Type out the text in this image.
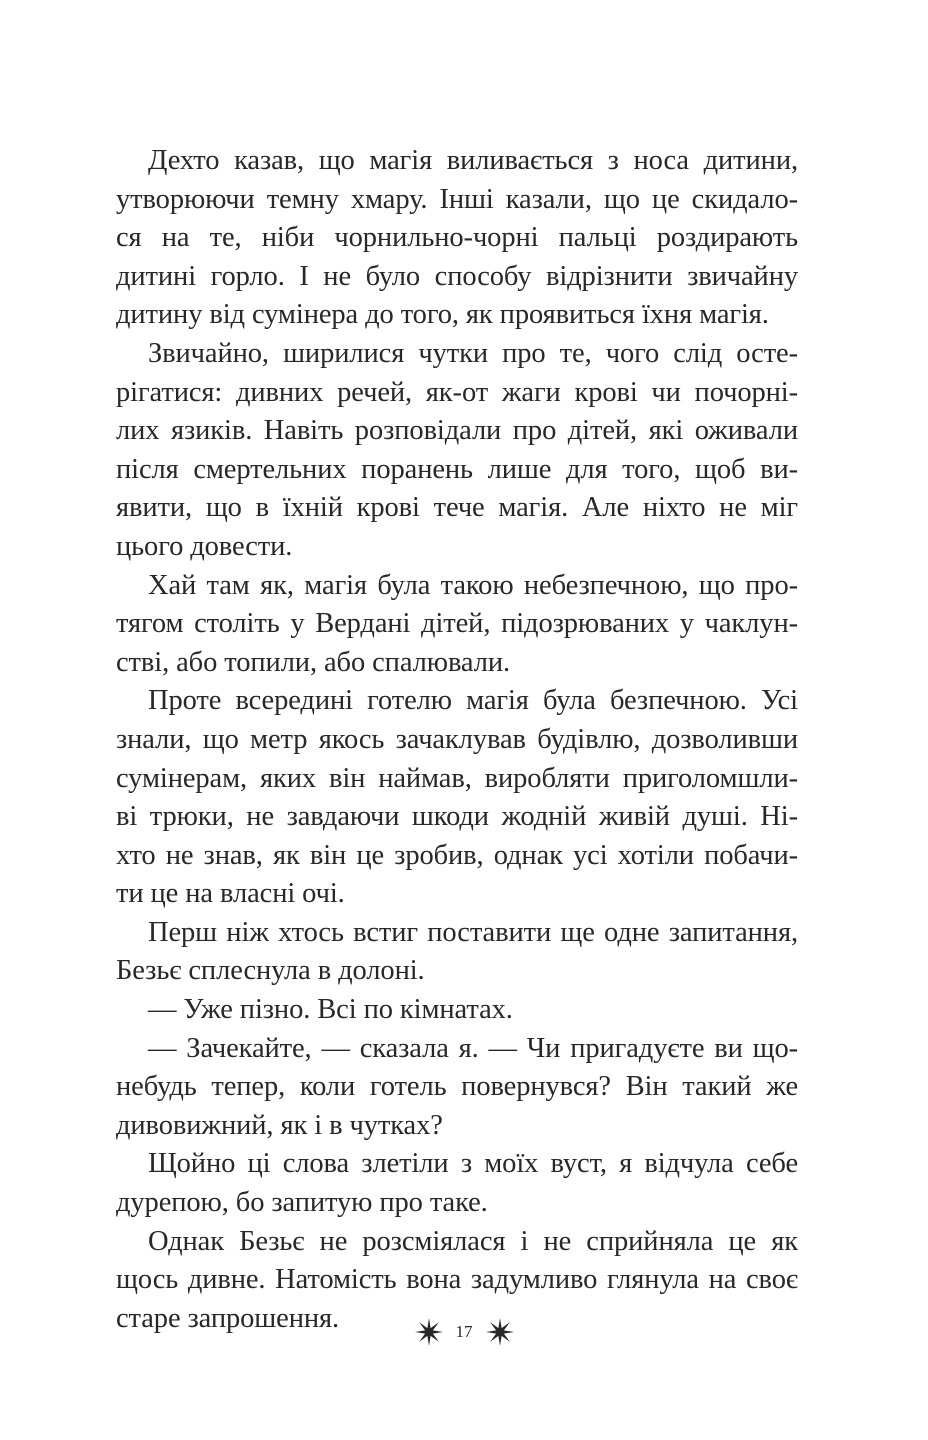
Дехто казав, що магія виливається з носа дитини,
утворюючи темну хмару. Інші казали, що це скидало-
ся на те, ніби чорнильно-чорні пальці роздирають
дитині горло. І не було способу відрізнити звичайну
дитину від сумінера до того, як проявиться їхня магія.
Звичайно, ширилися чутки про те, чого слід осте-
рігатися: дивних речей, як-от жаги крові чи почорні-
лих язиків. Навіть розповідали про дітей, які оживали
після смертельних поранень лише для того, щоб ви-
явити, що в їхній крові тече магія. Але ніхто не міг
цього довести.
Хай там як, магія була такою небезпечною, що про-
тягом століть у Вердані дітей, підозрюваних у чаклун-
стві, або топили, або спалювали.
Проте всередині готелю магія була безпечною. Усі
знали, що метр якось зачаклував будівлю, дозволивши
сумінерам, яких він наймав, виробляти приголомшли-
ві трюки, не завдаючи шкоди жодній живій душі. Ні-
хто не знав, як він це зробив, однак усі хотіли побачи-
ти це на власні очі.
Перш ніж хтось встиг поставити ще одне запитання,
Безьє сплеснула в долоні.
— Уже пізно. Всі по кімнатах.
— Зачекайте, — сказала я. — Чи пригадуєте ви що-
небудь тепер, коли готель повернувся? Він такий же
дивовижний, як і в чутках?
Щойно ці слова злетіли з моїх вуст, я відчула себе
дурепою, бо запитую про таке.
Однак Безьє не розсміялася і не сприйняла це як
щось дивне. Натомість вона задумливо глянула на своє
старе запрошення.	17
